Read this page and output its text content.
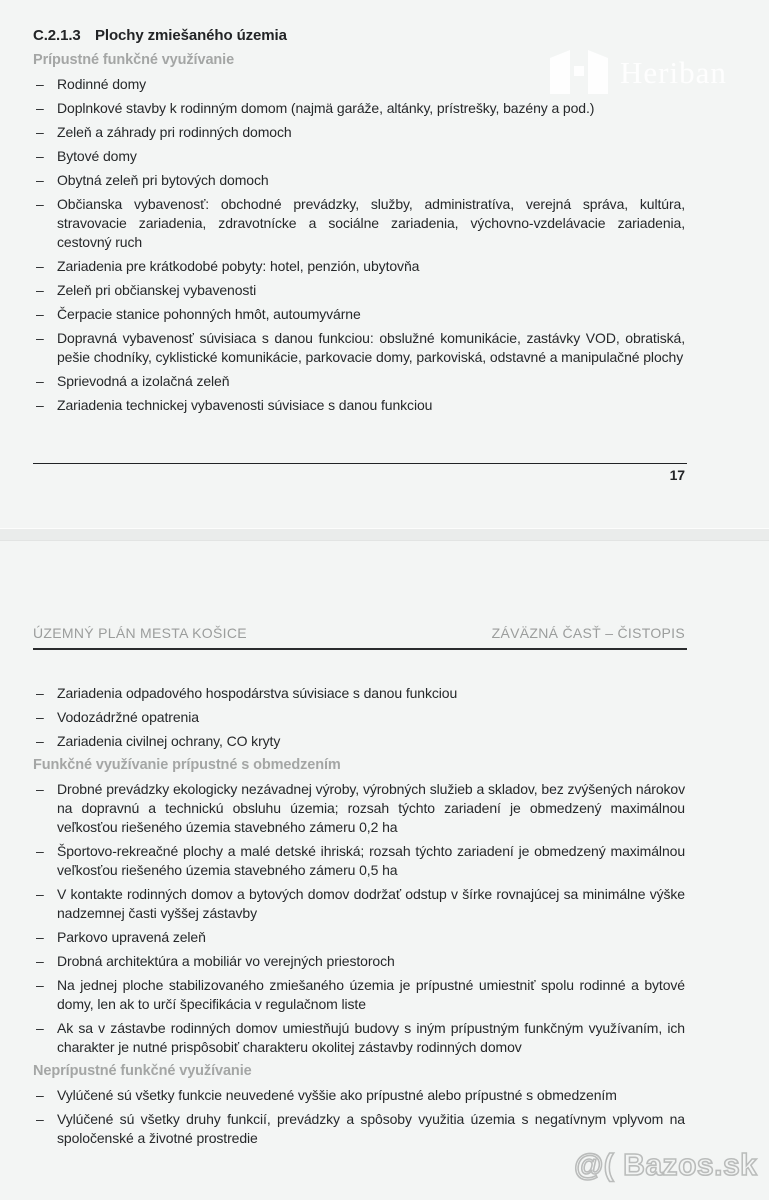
C.2.1.3 Plochy zmiešaného územia
Prípustné funkčné využívanie
– Rodinné domy
– Doplnkové stavby k rodinným domom (najmä garáže, altánky, prístrešky, bazény a pod.)
– Zeleň a záhrady pri rodinných domoch
– Bytové domy
– Obytná zeleň pri bytových domoch
– Občianska vybavenosť: obchodné prevádzky, služby, administratíva, verejná správa, kultúra, stravovacie zariadenia, zdravotnícke a sociálne zariadenia, výchovno-vzdelávacie zariadenia, cestovný ruch
– Zariadenia pre krátkodobé pobyty: hotel, penzión, ubytovňa
– Zeleň pri občianskej vybavenosti
– Čerpacie stanice pohonných hmôt, autoumyvárne
– Dopravná vybavenosť súvisiaca s danou funkciou: obslužné komunikácie, zastávky VOD, obratiská, pešie chodníky, cyklistické komunikácie, parkovacie domy, parkoviská, odstavné a manipulačné plochy
– Sprievodná a izolačná zeleň
– Zariadenia technickej vybavenosti súvisiace s danou funkciou
17
ÚZEMNÝ PLÁN MESTA KOŠICE	ZÁVÄZNÁ ČASŤ – ČISTOPIS
– Zariadenia odpadového hospodárstva súvisiace s danou funkciou
– Vodozádržné opatrenia
– Zariadenia civilnej ochrany, CO kryty
Funkčné využívanie prípustné s obmedzením
– Drobné prevádzky ekologicky nezávadnej výroby, výrobných služieb a skladov, bez zvýšených nárokov na dopravnú a technickú obsluhu územia; rozsah týchto zariadení je obmedzený maximálnou veľkosťou riešeného územia stavebného zámeru 0,2 ha
– Športovo-rekreačné plochy a malé detské ihriská; rozsah týchto zariadení je obmedzený maximálnou veľkosťou riešeného územia stavebného zámeru 0,5 ha
– V kontakte rodinných domov a bytových domov dodržať odstup v šírke rovnajúcej sa minimálne výške nadzemnej časti vyššej zástavby
– Parkovo upravená zeleň
– Drobná architektúra a mobiliár vo verejných priestoroch
– Na jednej ploche stabilizovaného zmiešaného územia je prípustné umiestniť spolu rodinné a bytové domy, len ak to určí špecifikácia v regulačnom liste
– Ak sa v zástavbe rodinných domov umiestňujú budovy s iným prípustným funkčným využívaním, ich charakter je nutné prispôsobiť charakteru okolitej zástavby rodinných domov
Neprípustné funkčné využívanie
– Vylúčené sú všetky funkcie neuvedené vyššie ako prípustné alebo prípustné s obmedzením
– Vylúčené sú všetky druhy funkcií, prevádzky a spôsoby využitia územia s negatívnym vplyvom na spoločenské a životné prostredie
Heriban
@( Bazos.sk
